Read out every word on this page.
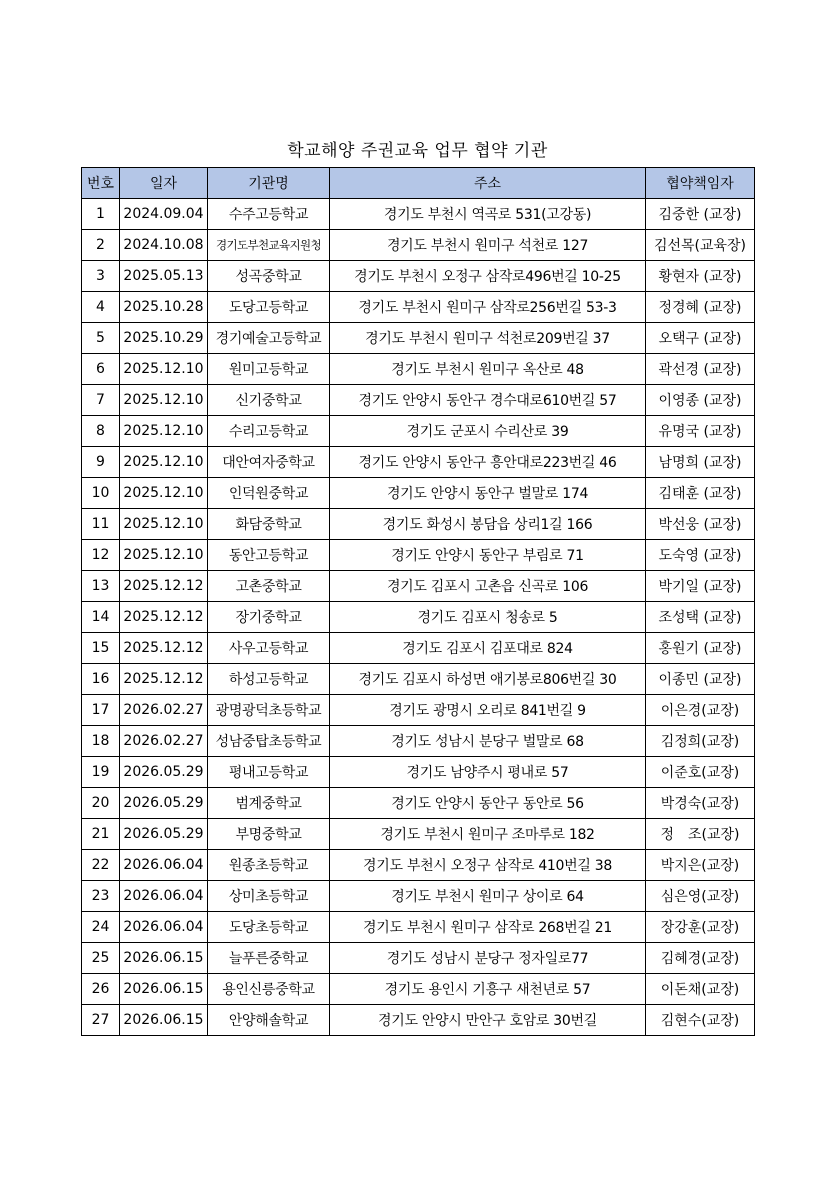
학교해양 주권교육 업무 협약 기관
번호	일자	기관명	주소	협약책임자
1	2024.09.04	수주고등학교	경기도 부천시 역곡로 531(고강동)	김중한 (교장)
2	2024.10.08	경기도부천교육지원청	경기도 부천시 원미구 석천로 127	김선목(교육장)
3	2025.05.13	성곡중학교	경기도 부천시 오정구 삼작로496번길 10-25	황현자 (교장)
4	2025.10.28	도당고등학교	경기도 부천시 원미구 삼작로256번길 53-3	정경혜 (교장)
5	2025.10.29	경기예술고등학교	경기도 부천시 원미구 석천로209번길 37	오택구 (교장)
6	2025.12.10	원미고등학교	경기도 부천시 원미구 옥산로 48	곽선경 (교장)
7	2025.12.10	신기중학교	경기도 안양시 동안구 경수대로610번길 57	이영종 (교장)
8	2025.12.10	수리고등학교	경기도 군포시 수리산로 39	유명국 (교장)
9	2025.12.10	대안여자중학교	경기도 안양시 동안구 흥안대로223번길 46	남명희 (교장)
10	2025.12.10	인덕원중학교	경기도 안양시 동안구 벌말로 174	김태훈 (교장)
11	2025.12.10	화담중학교	경기도 화성시 봉담읍 상리1길 166	박선웅 (교장)
12	2025.12.10	동안고등학교	경기도 안양시 동안구 부림로 71	도숙영 (교장)
13	2025.12.12	고촌중학교	경기도 김포시 고촌읍 신곡로 106	박기일 (교장)
14	2025.12.12	장기중학교	경기도 김포시 청송로 5	조성택 (교장)
15	2025.12.12	사우고등학교	경기도 김포시 김포대로 824	홍원기 (교장)
16	2025.12.12	하성고등학교	경기도 김포시 하성면 애기봉로806번길 30	이종민 (교장)
17	2026.02.27	광명광덕초등학교	경기도 광명시 오리로 841번길 9	이은경(교장)
18	2026.02.27	성남중탑초등학교	경기도 성남시 분당구 벌말로 68	김정희(교장)
19	2026.05.29	평내고등학교	경기도 남양주시 평내로 57	이준호(교장)
20	2026.05.29	범계중학교	경기도 안양시 동안구 동안로 56	박경숙(교장)
21	2026.05.29	부명중학교	경기도 부천시 원미구 조마루로 182	정　조(교장)
22	2026.06.04	원종초등학교	경기도 부천시 오정구 삼작로 410번길 38	박지은(교장)
23	2026.06.04	상미초등학교	경기도 부천시 원미구 상이로 64	심은영(교장)
24	2026.06.04	도당초등학교	경기도 부천시 원미구 삼작로 268번길 21	장강훈(교장)
25	2026.06.15	늘푸른중학교	경기도 성남시 분당구 정자일로77	김혜경(교장)
26	2026.06.15	용인신릉중학교	경기도 용인시 기흥구 새천년로 57	이돈채(교장)
27	2026.06.15	안양해솔학교	경기도 안양시 만안구 호암로 30번길	김현수(교장)
